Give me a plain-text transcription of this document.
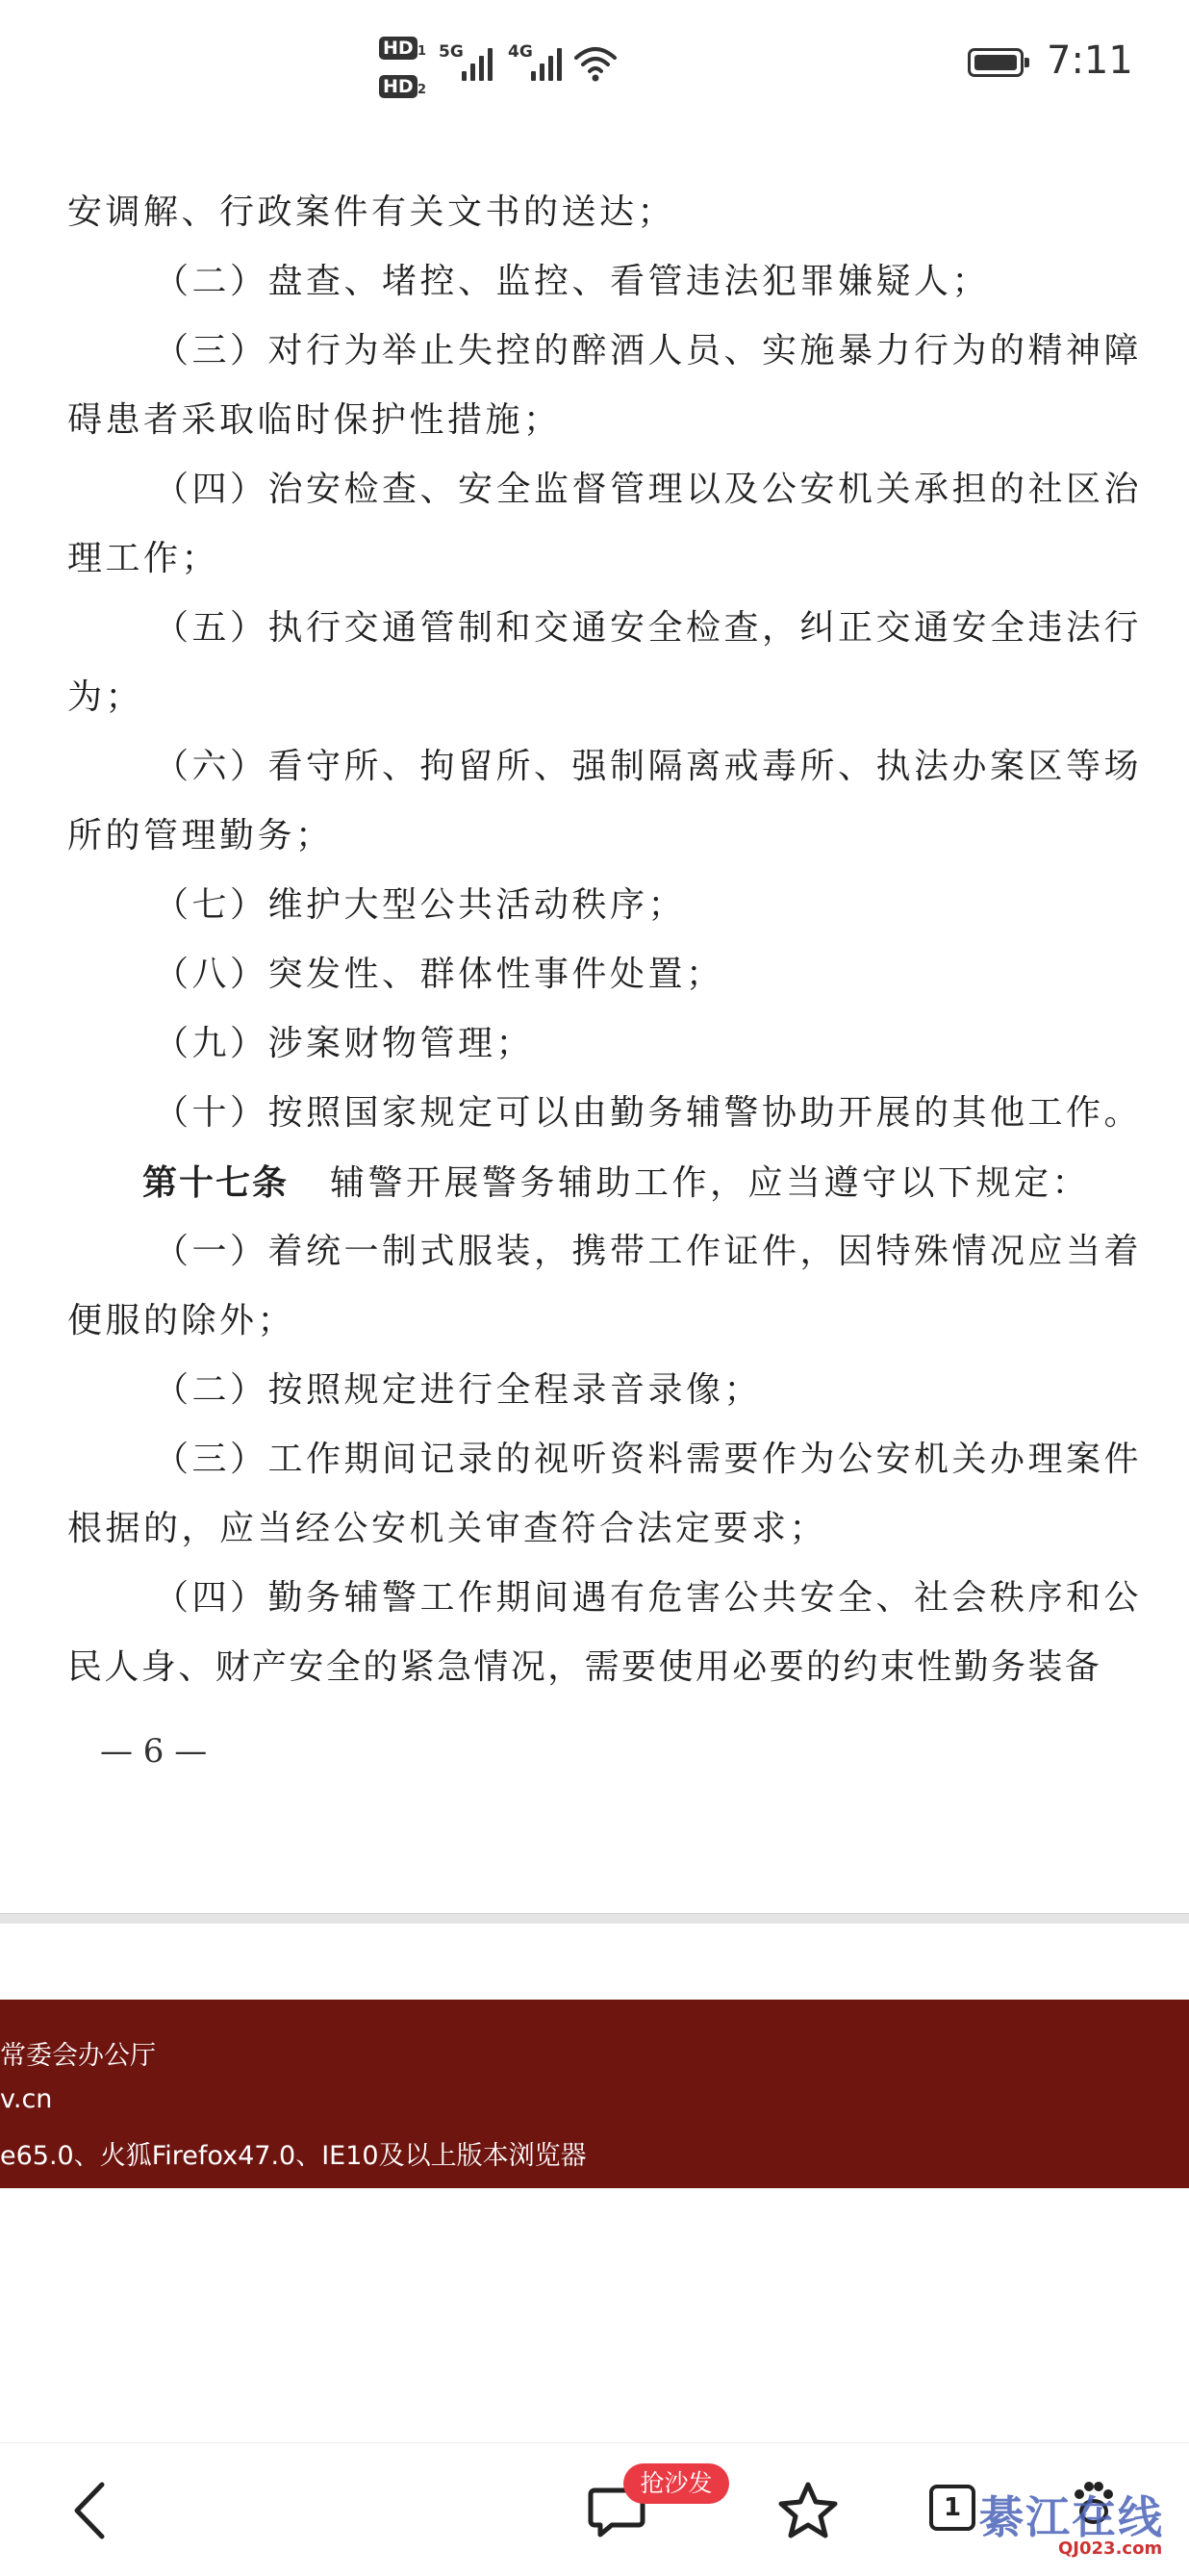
HD 1
HD 2
5G	4G	7:11
安调解、行政案件有关文书的送达；
（二）盘查、堵控、监控、看管违法犯罪嫌疑人；
（三）对行为举止失控的醉酒人员、实施暴力行为的精神障
碍患者采取临时保护性措施；
（四）治安检查、安全监督管理以及公安机关承担的社区治
理工作；
（五）执行交通管制和交通安全检查，纠正交通安全违法行
为；
（六）看守所、拘留所、强制隔离戒毒所、执法办案区等场
所的管理勤务；
（七）维护大型公共活动秩序；
（八）突发性、群体性事件处置；
（九）涉案财物管理；
（十）按照国家规定可以由勤务辅警协助开展的其他工作。
第十七条 辅警开展警务辅助工作，应当遵守以下规定：
（一）着统一制式服装，携带工作证件，因特殊情况应当着
便服的除外；
（二）按照规定进行全程录音录像；
（三）工作期间记录的视听资料需要作为公安机关办理案件
根据的，应当经公安机关审查符合法定要求；
（四）勤务辅警工作期间遇有危害公共安全、社会秩序和公
民人身、财产安全的紧急情况，需要使用必要的约束性勤务装备
— 6 —
常委会办公厅
v.cn
e65.0、火狐Firefox47.0、IE10及以上版本浏览器
抢沙发
1 綦江在线
QJ023.com
